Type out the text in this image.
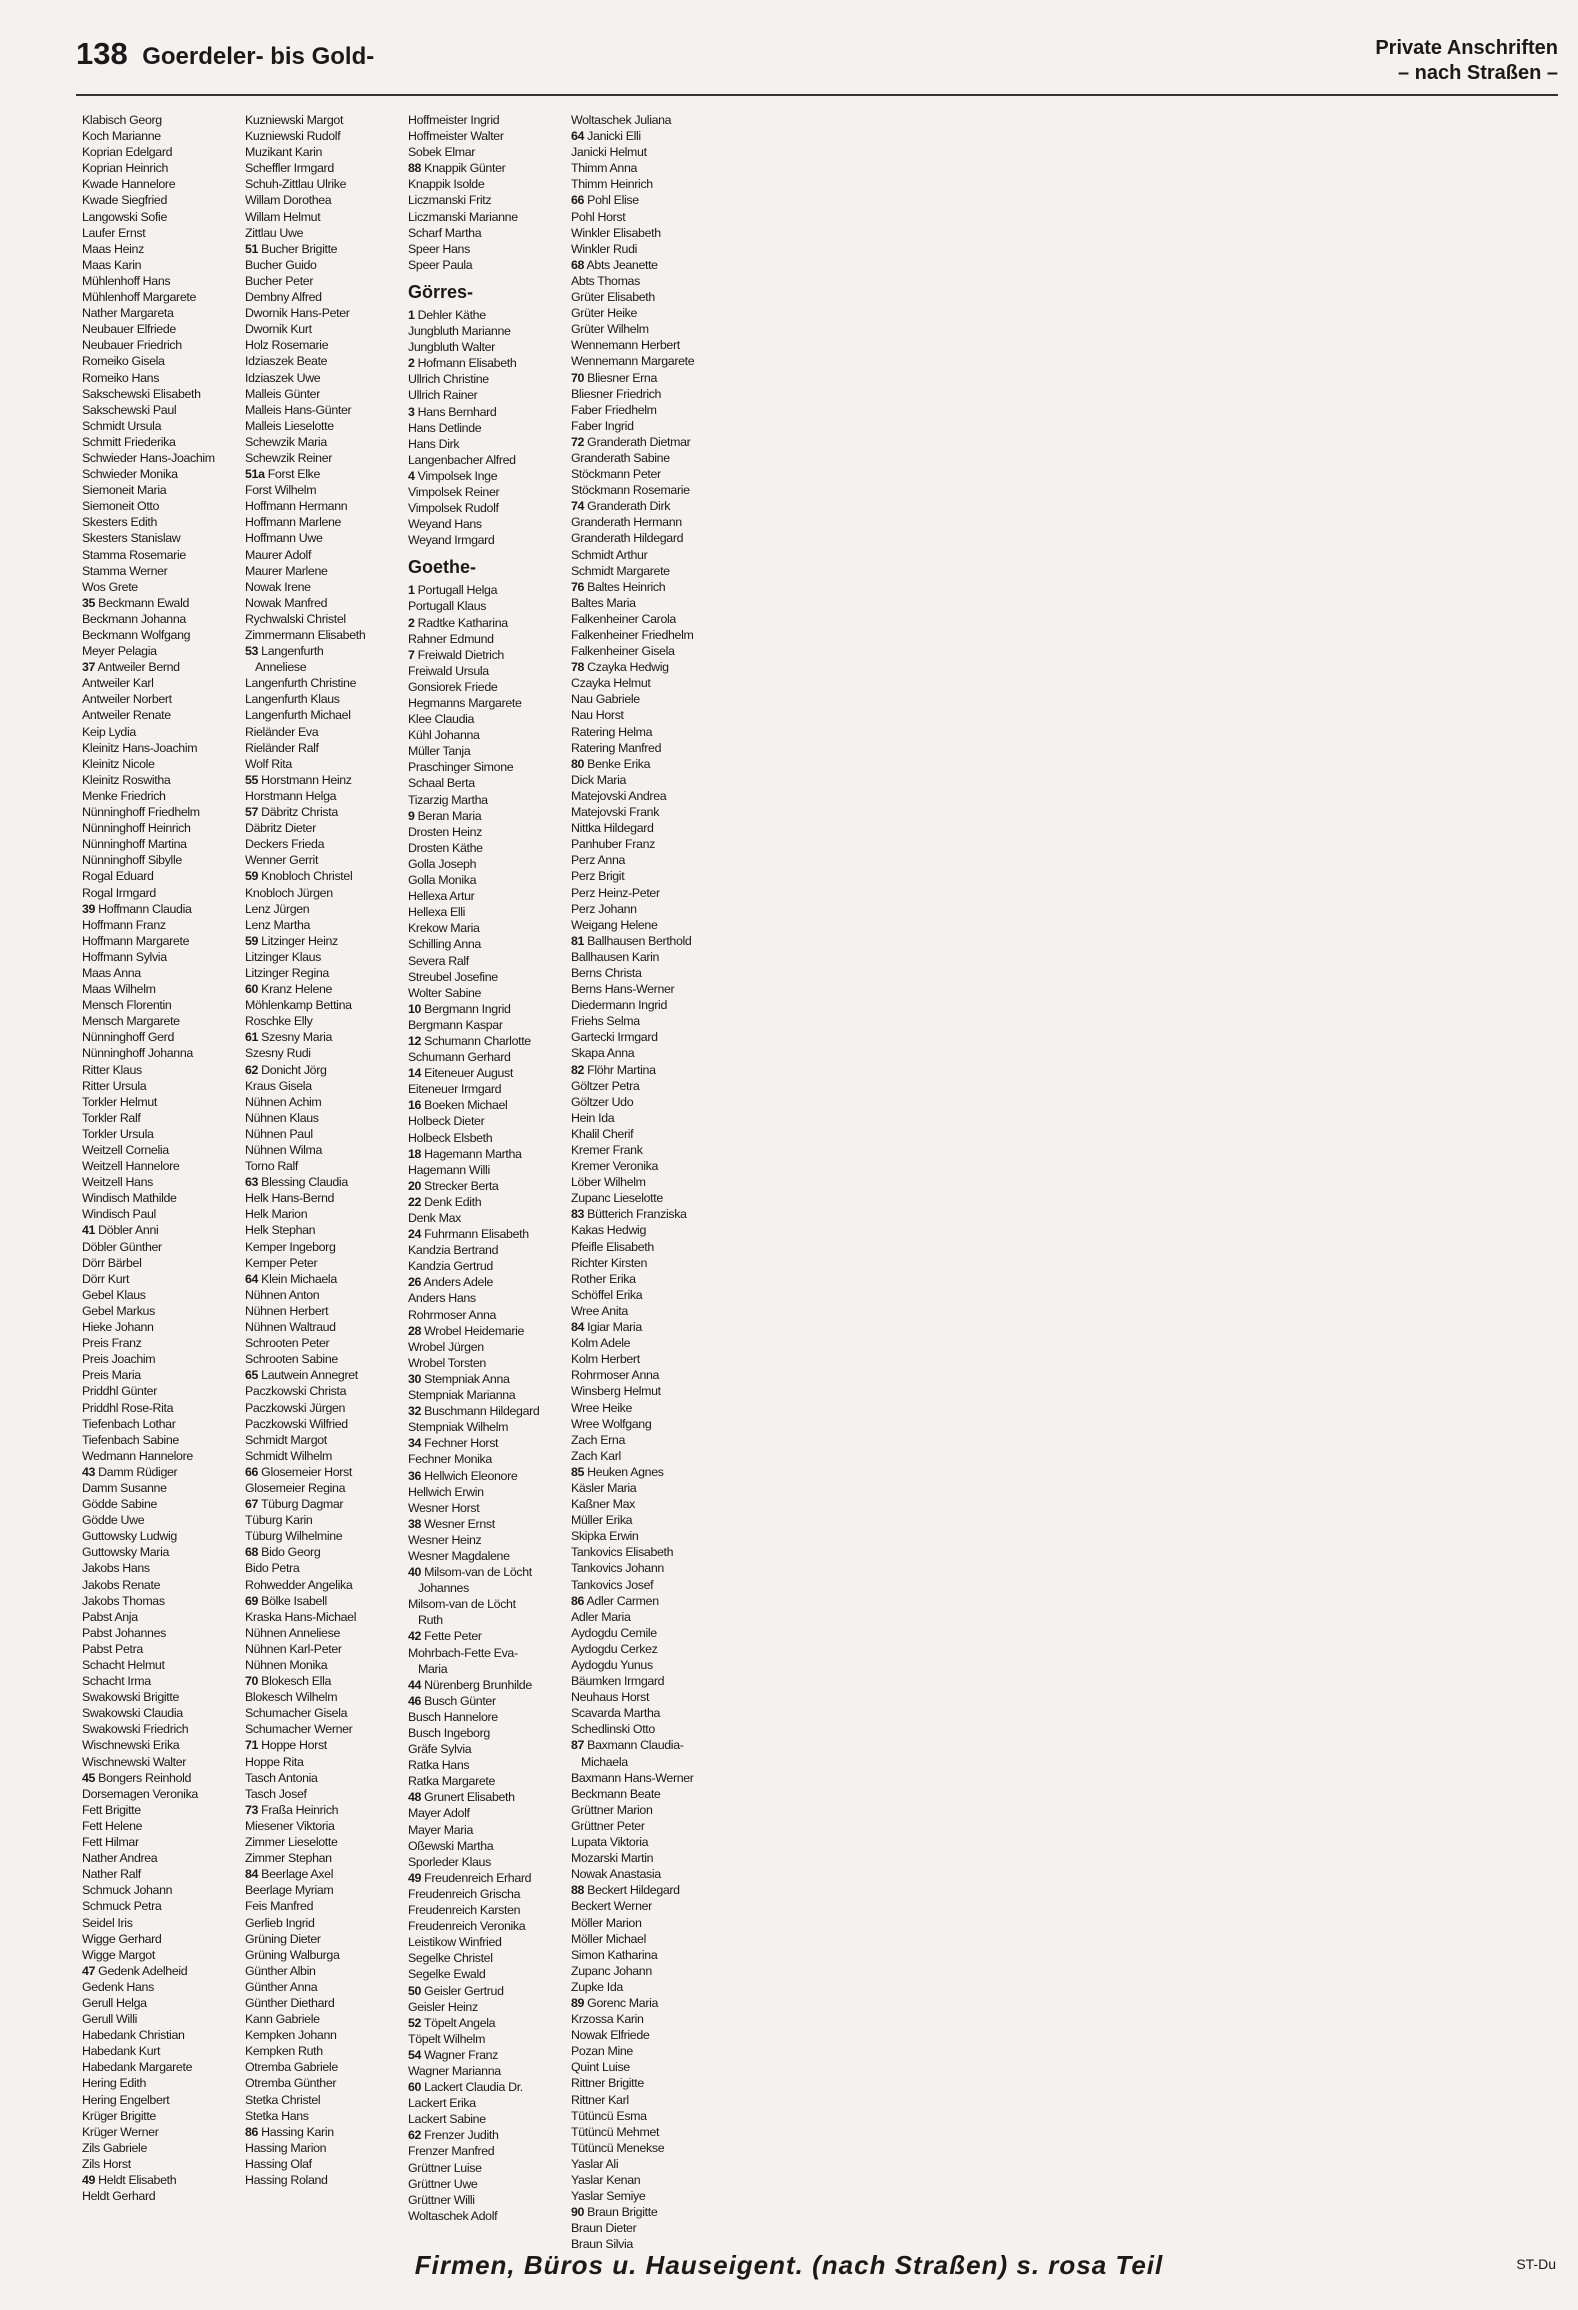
138 Goerdeler- bis Gold-	Private Anschriften
– nach Straßen –
Klabisch Georg
Koch Marianne
Koprian Edelgard
Koprian Heinrich
Kwade Hannelore
Kwade Siegfried
Langowski Sofie
Laufer Ernst
Maas Heinz
Maas Karin
Mühlenhoff Hans
Mühlenhoff Margarete
Nather Margareta
Neubauer Elfriede
Neubauer Friedrich
Romeiko Gisela
Romeiko Hans
Sakschewski Elisabeth
Sakschewski Paul
Schmidt Ursula
Schmitt Friederika
Schwieder Hans-Joachim
Schwieder Monika
Siemoneit Maria
Siemoneit Otto
Skesters Edith
Skesters Stanislaw
Stamma Rosemarie
Stamma Werner
Wos Grete
35 Beckmann Ewald
Beckmann Johanna
Beckmann Wolfgang
Meyer Pelagia
37 Antweiler Bernd
Antweiler Karl
Antweiler Norbert
Antweiler Renate
Keip Lydia
Kleinitz Hans-Joachim
Kleinitz Nicole
Kleinitz Roswitha
Menke Friedrich
Nünninghoff Friedhelm
Nünninghoff Heinrich
Nünninghoff Martina
Nünninghoff Sibylle
Rogal Eduard
Rogal Irmgard
39 Hoffmann Claudia
Hoffmann Franz
Hoffmann Margarete
Hoffmann Sylvia
Maas Anna
Maas Wilhelm
Mensch Florentin
Mensch Margarete
Nünninghoff Gerd
Nünninghoff Johanna
Ritter Klaus
Ritter Ursula
Torkler Helmut
Torkler Ralf
Torkler Ursula
Weitzell Cornelia
Weitzell Hannelore
Weitzell Hans
Windisch Mathilde
Windisch Paul
41 Döbler Anni
Döbler Günther
Dörr Bärbel
Dörr Kurt
Gebel Klaus
Gebel Markus
Hieke Johann
Preis Franz
Preis Joachim
Preis Maria
Priddhl Günter
Priddhl Rose-Rita
Tiefenbach Lothar
Tiefenbach Sabine
Wedmann Hannelore
43 Damm Rüdiger
Damm Susanne
Gödde Sabine
Gödde Uwe
Guttowsky Ludwig
Guttowsky Maria
Jakobs Hans
Jakobs Renate
Jakobs Thomas
Pabst Anja
Pabst Johannes
Pabst Petra
Schacht Helmut
Schacht Irma
Swakowski Brigitte
Swakowski Claudia
Swakowski Friedrich
Wischnewski Erika
Wischnewski Walter
45 Bongers Reinhold
Dorsemagen Veronika
Fett Brigitte
Fett Helene
Fett Hilmar
Nather Andrea
Nather Ralf
Schmuck Johann
Schmuck Petra
Seidel Iris
Wigge Gerhard
Wigge Margot
47 Gedenk Adelheid
Gedenk Hans
Gerull Helga
Gerull Willi
Habedank Christian
Habedank Kurt
Habedank Margarete
Hering Edith
Hering Engelbert
Krüger Brigitte
Krüger Werner
Zils Gabriele
Zils Horst
49 Heldt Elisabeth
Heldt Gerhard
Kuzniewski Margot
Kuzniewski Rudolf
Muzikant Karin
Scheffler Irmgard
Schuh-Zittlau Ulrike
Willam Dorothea
Willam Helmut
Zittlau Uwe
51 Bucher Brigitte
Bucher Guido
Bucher Peter
Dembny Alfred
Dwornik Hans-Peter
Dwornik Kurt
Holz Rosemarie
Idziaszek Beate
Idziaszek Uwe
Malleis Günter
Malleis Hans-Günter
Malleis Lieselotte
Schewzik Maria
Schewzik Reiner
51a Forst Elke
Forst Wilhelm
Hoffmann Hermann
Hoffmann Marlene
Hoffmann Uwe
Maurer Adolf
Maurer Marlene
Nowak Irene
Nowak Manfred
Rychwalski Christel
Zimmermann Elisabeth
53 Langenfurth
Anneliese
Langenfurth Christine
Langenfurth Klaus
Langenfurth Michael
Rieländer Eva
Rieländer Ralf
Wolf Rita
55 Horstmann Heinz
Horstmann Helga
57 Däbritz Christa
Däbritz Dieter
Deckers Frieda
Wenner Gerrit
59 Knobloch Christel
Knobloch Jürgen
Lenz Jürgen
Lenz Martha
59 Litzinger Heinz
Litzinger Klaus
Litzinger Regina
60 Kranz Helene
Möhlenkamp Bettina
Roschke Elly
61 Szesny Maria
Szesny Rudi
62 Donicht Jörg
Kraus Gisela
Nühnen Achim
Nühnen Klaus
Nühnen Paul
Nühnen Wilma
Torno Ralf
63 Blessing Claudia
Helk Hans-Bernd
Helk Marion
Helk Stephan
Kemper Ingeborg
Kemper Peter
64 Klein Michaela
Nühnen Anton
Nühnen Herbert
Nühnen Waltraud
Schrooten Peter
Schrooten Sabine
65 Lautwein Annegret
Paczkowski Christa
Paczkowski Jürgen
Paczkowski Wilfried
Schmidt Margot
Schmidt Wilhelm
66 Glosemeier Horst
Glosemeier Regina
67 Tüburg Dagmar
Tüburg Karin
Tüburg Wilhelmine
68 Bido Georg
Bido Petra
Rohwedder Angelika
69 Bölke Isabell
Kraska Hans-Michael
Nühnen Anneliese
Nühnen Karl-Peter
Nühnen Monika
70 Blokesch Ella
Blokesch Wilhelm
Schumacher Gisela
Schumacher Werner
71 Hoppe Horst
Hoppe Rita
Tasch Antonia
Tasch Josef
73 Fraßa Heinrich
Miesener Viktoria
Zimmer Lieselotte
Zimmer Stephan
84 Beerlage Axel
Beerlage Myriam
Feis Manfred
Gerlieb Ingrid
Grüning Dieter
Grüning Walburga
Günther Albin
Günther Anna
Günther Diethard
Kann Gabriele
Kempken Johann
Kempken Ruth
Otremba Gabriele
Otremba Günther
Stetka Christel
Stetka Hans
86 Hassing Karin
Hassing Marion
Hassing Olaf
Hassing Roland
Hoffmeister Ingrid
Hoffmeister Walter
Sobek Elmar
88 Knappik Günter
Knappik Isolde
Liczmanski Fritz
Liczmanski Marianne
Scharf Martha
Speer Hans
Speer Paula
Görres-
1 Dehler Käthe
Jungbluth Marianne
Jungbluth Walter
2 Hofmann Elisabeth
Ullrich Christine
Ullrich Rainer
3 Hans Bernhard
Hans Detlinde
Hans Dirk
Langenbacher Alfred
4 Vimpolsek Inge
Vimpolsek Reiner
Vimpolsek Rudolf
Weyand Hans
Weyand Irmgard
Goethe-
1 Portugall Helga
Portugall Klaus
2 Radtke Katharina
Rahner Edmund
7 Freiwald Dietrich
Freiwald Ursula
Gonsiorek Friede
Hegmanns Margarete
Klee Claudia
Kühl Johanna
Müller Tanja
Praschinger Simone
Schaal Berta
Tizarzig Martha
9 Beran Maria
Drosten Heinz
Drosten Käthe
Golla Joseph
Golla Monika
Hellexa Artur
Hellexa Elli
Krekow Maria
Schilling Anna
Severa Ralf
Streubel Josefine
Wolter Sabine
10 Bergmann Ingrid
Bergmann Kaspar
12 Schumann Charlotte
Schumann Gerhard
14 Eiteneuer August
Eiteneuer Irmgard
16 Boeken Michael
Holbeck Dieter
Holbeck Elsbeth
18 Hagemann Martha
Hagemann Willi
20 Strecker Berta
22 Denk Edith
Denk Max
24 Fuhrmann Elisabeth
Kandzia Bertrand
Kandzia Gertrud
26 Anders Adele
Anders Hans
Rohrmoser Anna
28 Wrobel Heidemarie
Wrobel Jürgen
Wrobel Torsten
30 Stempniak Anna
Stempniak Marianna
32 Buschmann Hildegard
Stempniak Wilhelm
34 Fechner Horst
Fechner Monika
36 Hellwich Eleonore
Hellwich Erwin
Wesner Horst
38 Wesner Ernst
Wesner Heinz
Wesner Magdalene
40 Milsom-van de Löcht
Johannes
Milsom-van de Löcht
Ruth
42 Fette Peter
Mohrbach-Fette Eva-
Maria
44 Nürenberg Brunhilde
46 Busch Günter
Busch Hannelore
Busch Ingeborg
Gräfe Sylvia
Ratka Hans
Ratka Margarete
48 Grunert Elisabeth
Mayer Adolf
Mayer Maria
Oßewski Martha
Sporleder Klaus
49 Freudenreich Erhard
Freudenreich Grischa
Freudenreich Karsten
Freudenreich Veronika
Leistikow Winfried
Segelke Christel
Segelke Ewald
50 Geisler Gertrud
Geisler Heinz
52 Töpelt Angela
Töpelt Wilhelm
54 Wagner Franz
Wagner Marianna
60 Lackert Claudia Dr.
Lackert Erika
Lackert Sabine
62 Frenzer Judith
Frenzer Manfred
Grüttner Luise
Grüttner Uwe
Grüttner Willi
Woltaschek Adolf
Woltaschek Juliana
64 Janicki Elli
Janicki Helmut
Thimm Anna
Thimm Heinrich
66 Pohl Elise
Pohl Horst
Winkler Elisabeth
Winkler Rudi
68 Abts Jeanette
Abts Thomas
Grüter Elisabeth
Grüter Heike
Grüter Wilhelm
Wennemann Herbert
Wennemann Margarete
70 Bliesner Erna
Bliesner Friedrich
Faber Friedhelm
Faber Ingrid
72 Granderath Dietmar
Granderath Sabine
Stöckmann Peter
Stöckmann Rosemarie
74 Granderath Dirk
Granderath Hermann
Granderath Hildegard
Schmidt Arthur
Schmidt Margarete
76 Baltes Heinrich
Baltes Maria
Falkenheiner Carola
Falkenheiner Friedhelm
Falkenheiner Gisela
78 Czayka Hedwig
Czayka Helmut
Nau Gabriele
Nau Horst
Ratering Helma
Ratering Manfred
80 Benke Erika
Dick Maria
Matejovski Andrea
Matejovski Frank
Nittka Hildegard
Panhuber Franz
Perz Anna
Perz Brigit
Perz Heinz-Peter
Perz Johann
Weigang Helene
81 Ballhausen Berthold
Ballhausen Karin
Berns Christa
Berns Hans-Werner
Diedermann Ingrid
Friehs Selma
Gartecki Irmgard
Skapa Anna
82 Flöhr Martina
Göltzer Petra
Göltzer Udo
Hein Ida
Khalil Cherif
Kremer Frank
Kremer Veronika
Löber Wilhelm
Zupanc Lieselotte
83 Bütterich Franziska
Kakas Hedwig
Pfeifle Elisabeth
Richter Kirsten
Rother Erika
Schöffel Erika
Wree Anita
84 Igiar Maria
Kolm Adele
Kolm Herbert
Rohrmoser Anna
Winsberg Helmut
Wree Heike
Wree Wolfgang
Zach Erna
Zach Karl
85 Heuken Agnes
Käsler Maria
Kaßner Max
Müller Erika
Skipka Erwin
Tankovics Elisabeth
Tankovics Johann
Tankovics Josef
86 Adler Carmen
Adler Maria
Aydogdu Cemile
Aydogdu Cerkez
Aydogdu Yunus
Bäumken Irmgard
Neuhaus Horst
Scavarda Martha
Schedlinski Otto
87 Baxmann Claudia-
Michaela
Baxmann Hans-Werner
Beckmann Beate
Grüttner Marion
Grüttner Peter
Lupata Viktoria
Mozarski Martin
Nowak Anastasia
88 Beckert Hildegard
Beckert Werner
Möller Marion
Möller Michael
Simon Katharina
Zupanc Johann
Zupke Ida
89 Gorenc Maria
Krzossa Karin
Nowak Elfriede
Pozan Mine
Quint Luise
Rittner Brigitte
Rittner Karl
Tütüncü Esma
Tütüncü Mehmet
Tütüncü Menekse
Yaslar Ali
Yaslar Kenan
Yaslar Semiye
90 Braun Brigitte
Braun Dieter
Braun Silvia
Firmen, Büros u. Hauseigent. (nach Straßen) s. rosa Teil	ST-Du
